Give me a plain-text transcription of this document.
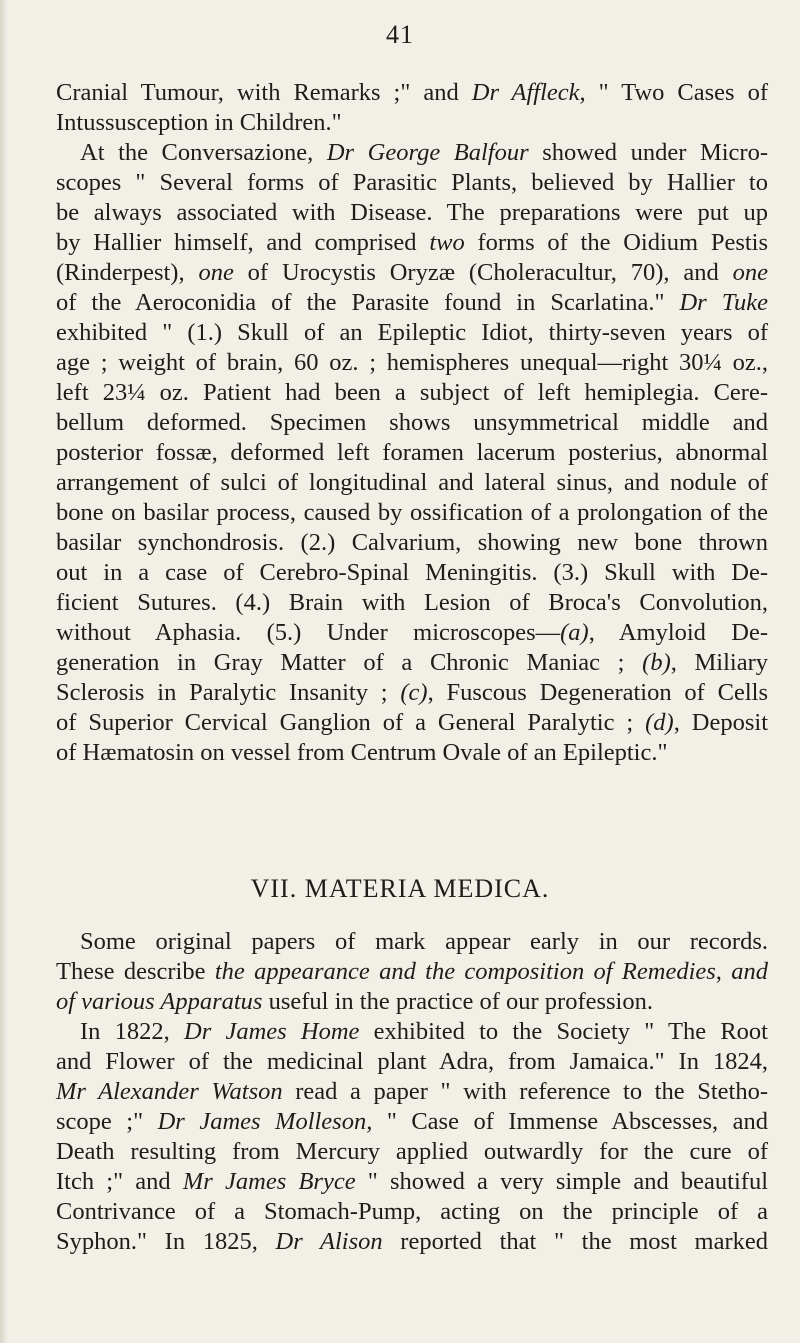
41
Cranial Tumour, with Remarks ;" and Dr Affleck, " Two Cases of
Intussusception in Children."
At the Conversazione, Dr George Balfour showed under Micro-
scopes " Several forms of Parasitic Plants, believed by Hallier to
be always associated with Disease. The preparations were put up
by Hallier himself, and comprised two forms of the Oidium Pestis
(Rinderpest), one of Urocystis Oryzæ (Choleracultur, 70), and one
of the Aeroconidia of the Parasite found in Scarlatina." Dr Tuke
exhibited " (1.) Skull of an Epileptic Idiot, thirty-seven years of
age ; weight of brain, 60 oz. ; hemispheres unequal—right 30¼ oz.,
left 23¼ oz. Patient had been a subject of left hemiplegia. Cere-
bellum deformed. Specimen shows unsymmetrical middle and
posterior fossæ, deformed left foramen lacerum posterius, abnormal
arrangement of sulci of longitudinal and lateral sinus, and nodule of
bone on basilar process, caused by ossification of a prolongation of the
basilar synchondrosis. (2.) Calvarium, showing new bone thrown
out in a case of Cerebro-Spinal Meningitis. (3.) Skull with De-
ficient Sutures. (4.) Brain with Lesion of Broca's Convolution,
without Aphasia. (5.) Under microscopes—(a), Amyloid De-
generation in Gray Matter of a Chronic Maniac ; (b), Miliary
Sclerosis in Paralytic Insanity ; (c), Fuscous Degeneration of Cells
of Superior Cervical Ganglion of a General Paralytic ; (d), Deposit
of Hæmatosin on vessel from Centrum Ovale of an Epileptic."
VII. MATERIA MEDICA.
Some original papers of mark appear early in our records.
These describe the appearance and the composition of Remedies, and
of various Apparatus useful in the practice of our profession.
In 1822, Dr James Home exhibited to the Society " The Root
and Flower of the medicinal plant Adra, from Jamaica." In 1824,
Mr Alexander Watson read a paper " with reference to the Stetho-
scope ;" Dr James Molleson, " Case of Immense Abscesses, and
Death resulting from Mercury applied outwardly for the cure of
Itch ;" and Mr James Bryce " showed a very simple and beautiful
Contrivance of a Stomach-Pump, acting on the principle of a
Syphon." In 1825, Dr Alison reported that " the most marked
